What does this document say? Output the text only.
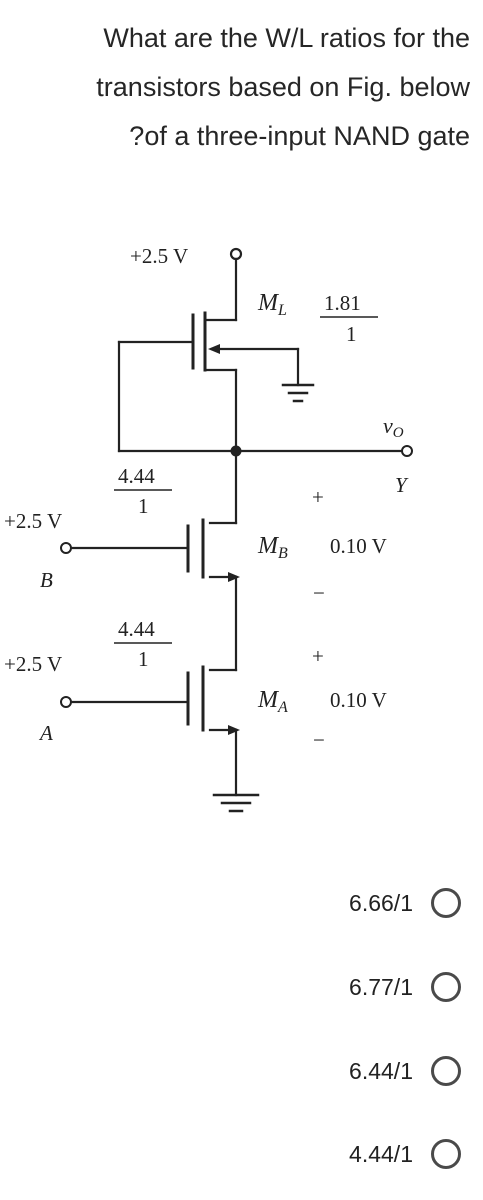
What are the W/L ratios for the
transistors based on Fig. below
?of a three-input NAND gate
+2.5 V
$M_L$ 1.81
1
vO
Y
4.44
1
+2.5 V
B
+
$M_B$ 0.10 V
−
4.44
1
+2.5 V
A
+
$M_A$ 0.10 V
−
6.66/1
6.77/1
6.44/1
4.44/1
